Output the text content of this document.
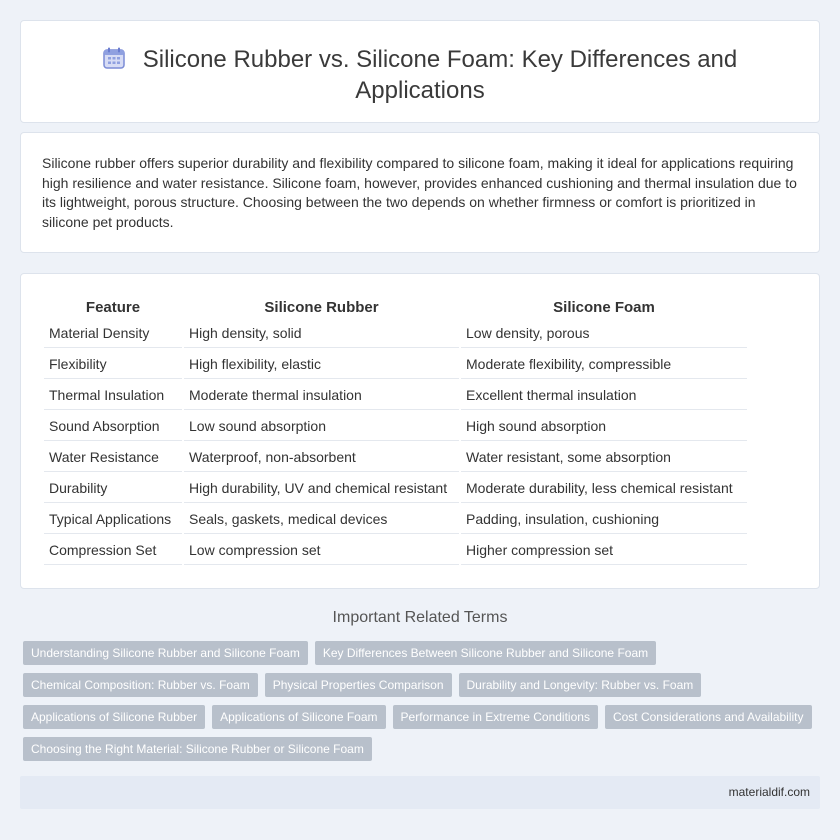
Silicone Rubber vs. Silicone Foam: Key Differences and
Applications

Silicone rubber offers superior durability and flexibility compared to silicone foam, making it ideal for applications requiring high resilience and water resistance. Silicone foam, however, provides enhanced cushioning and thermal insulation due to its lightweight, porous structure. Choosing between the two depends on whether firmness or comfort is prioritized in silicone pet products.

Feature	Silicone Rubber	Silicone Foam
Material Density	High density, solid	Low density, porous
Flexibility	High flexibility, elastic	Moderate flexibility, compressible
Thermal Insulation	Moderate thermal insulation	Excellent thermal insulation
Sound Absorption	Low sound absorption	High sound absorption
Water Resistance	Waterproof, non-absorbent	Water resistant, some absorption
Durability	High durability, UV and chemical resistant	Moderate durability, less chemical resistant
Typical Applications	Seals, gaskets, medical devices	Padding, insulation, cushioning
Compression Set	Low compression set	Higher compression set
Important Related Terms
Understanding Silicone Rubber and Silicone Foam Key Differences Between Silicone Rubber and Silicone FoamChemical Composition: Rubber vs. Foam Physical Properties Comparison Durability and Longevity: Rubber vs. FoamApplications of Silicone Rubber Applications of Silicone Foam Performance in Extreme Conditions Cost Considerations and AvailabilityChoosing the Right Material: Silicone Rubber or Silicone Foam
materialdif.com
